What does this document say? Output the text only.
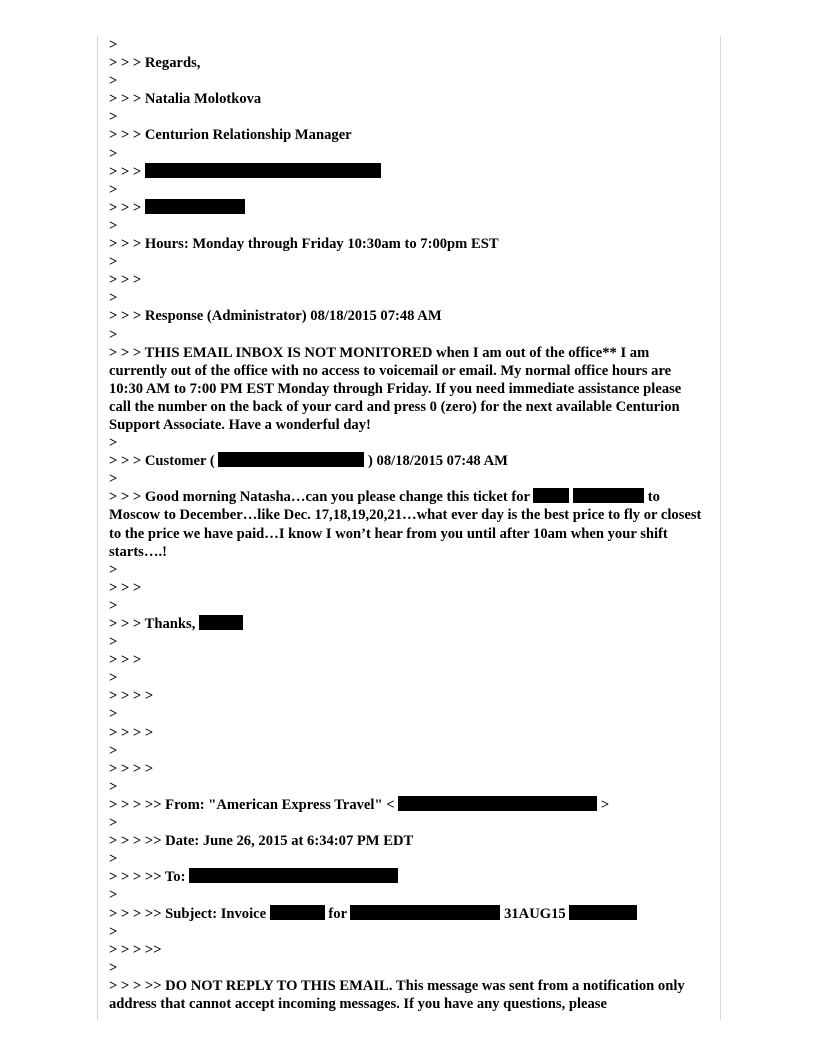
>
> > > Regards,
>
> > > Natalia Molotkova
>
> > > Centurion Relationship Manager
>
> > >
>
> > >
>
> > > Hours: Monday through Friday 10:30am to 7:00pm EST
>
> > >
>
> > > Response (Administrator) 08/18/2015 07:48 AM
>
> > > THIS EMAIL INBOX IS NOT MONITORED when I am out of the office** I am currently out of the office with no access to voicemail or email. My normal office hours are 10:30 AM to 7:00 PM EST Monday through Friday. If you need immediate assistance please call the number on the back of your card and press 0 (zero) for the next available Centurion Support Associate. Have a wonderful day!
>
> > > Customer (	) 08/18/2015 07:48 AM
>
> > > Good morning Natasha…can you please change this ticket for	to Moscow to December…like Dec. 17,18,19,20,21…what ever day is the best price to fly or closest to the price we have paid…I know I won’t hear from you until after 10am when your shift starts….!
>
> > >
>
> > > Thanks,
>
> > >
>
> > > >
>
> > > >
>
> > > >
>
> > > >> From: "American Express Travel" <	>
>
> > > >> Date: June 26, 2015 at 6:34:07 PM EDT
>
> > > >> To:
>
> > > >> Subject: Invoice	for	31AUG15
>
> > > >>
>
> > > >> DO NOT REPLY TO THIS EMAIL. This message was sent from a notification only address that cannot accept incoming messages. If you have any questions, please
